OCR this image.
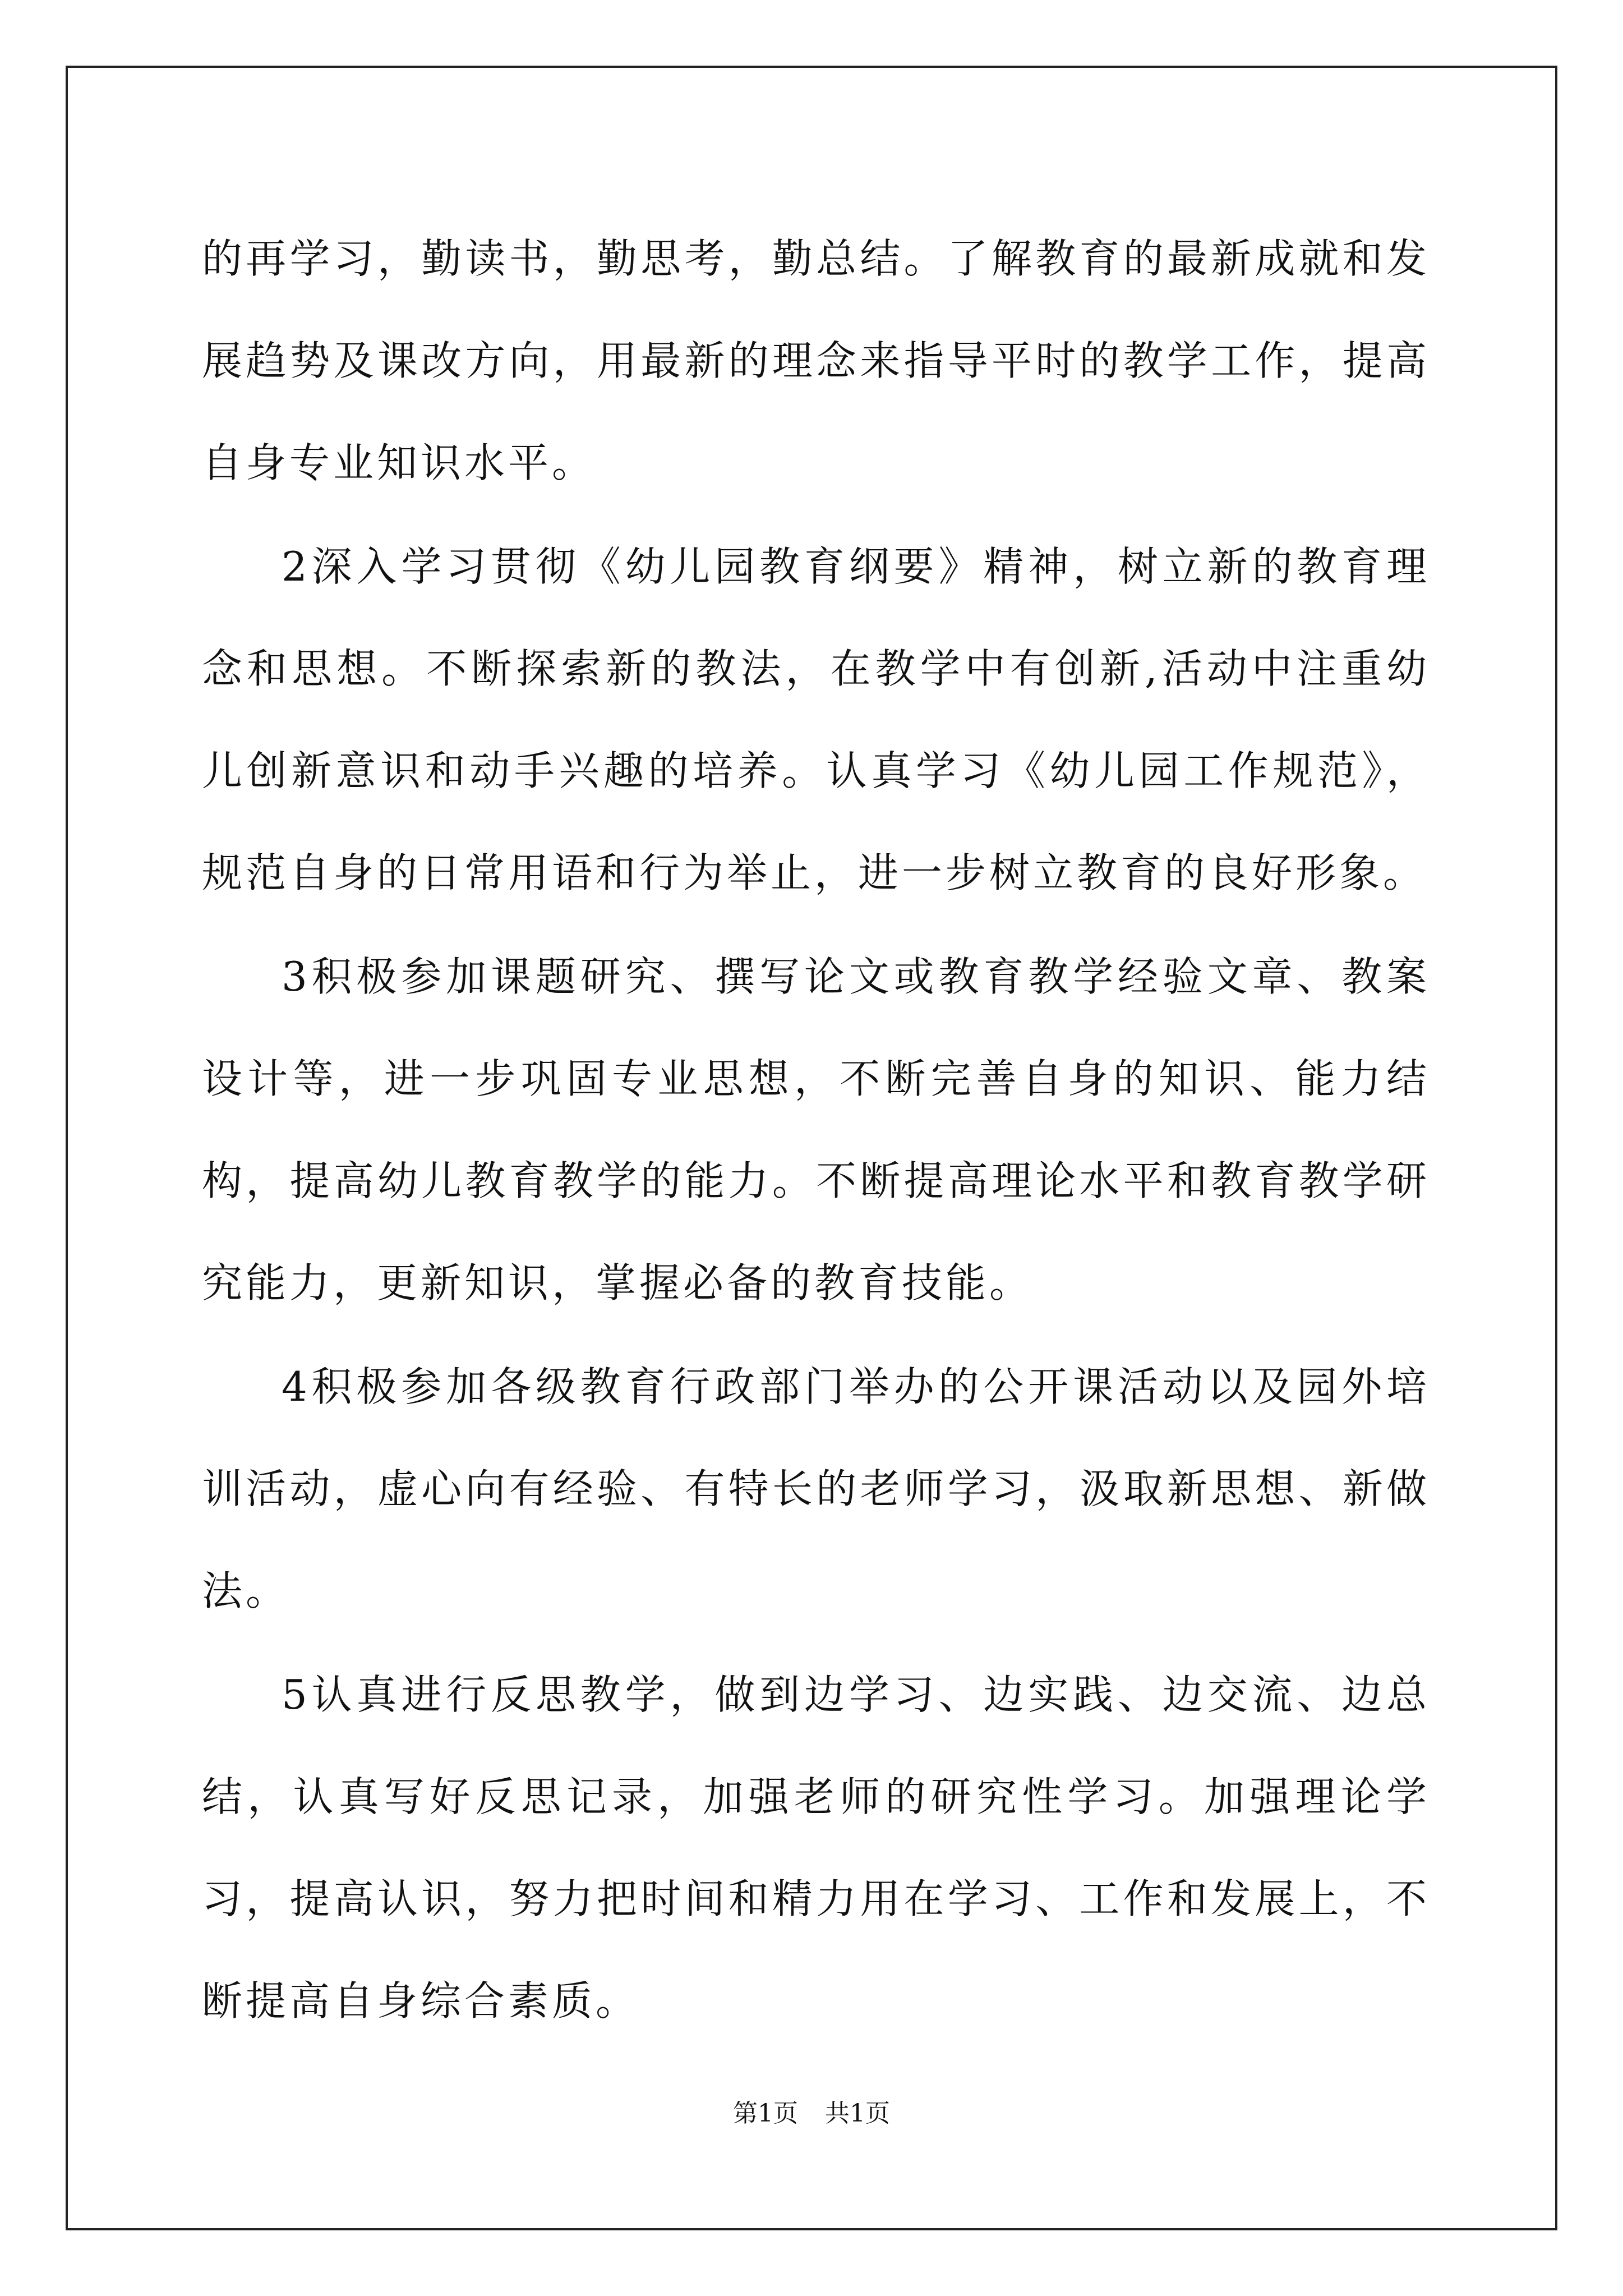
的再学习，勤读书，勤思考，勤总结。了解教育的最新成就和发展趋势及课改方向，用最新的理念来指导平时的教学工作，提高自身专业知识水平。

2深入学习贯彻《幼儿园教育纲要》精神，树立新的教育理念和思想。不断探索新的教法，在教学中有创新,活动中注重幼儿创新意识和动手兴趣的培养。认真学习《幼儿园工作规范》，规范自身的日常用语和行为举止，进一步树立教育的良好形象。

3积极参加课题研究、撰写论文或教育教学经验文章、教案设计等，进一步巩固专业思想，不断完善自身的知识、能力结构，提高幼儿教育教学的能力。不断提高理论水平和教育教学研究能力，更新知识，掌握必备的教育技能。

4积极参加各级教育行政部门举办的公开课活动以及园外培训活动，虚心向有经验、有特长的老师学习，汲取新思想、新做法。

5认真进行反思教学，做到边学习、边实践、边交流、边总结，认真写好反思记录，加强老师的研究性学习。加强理论学习，提高认识，努力把时间和精力用在学习、工作和发展上，不断提高自身综合素质。

第1页 共1页
